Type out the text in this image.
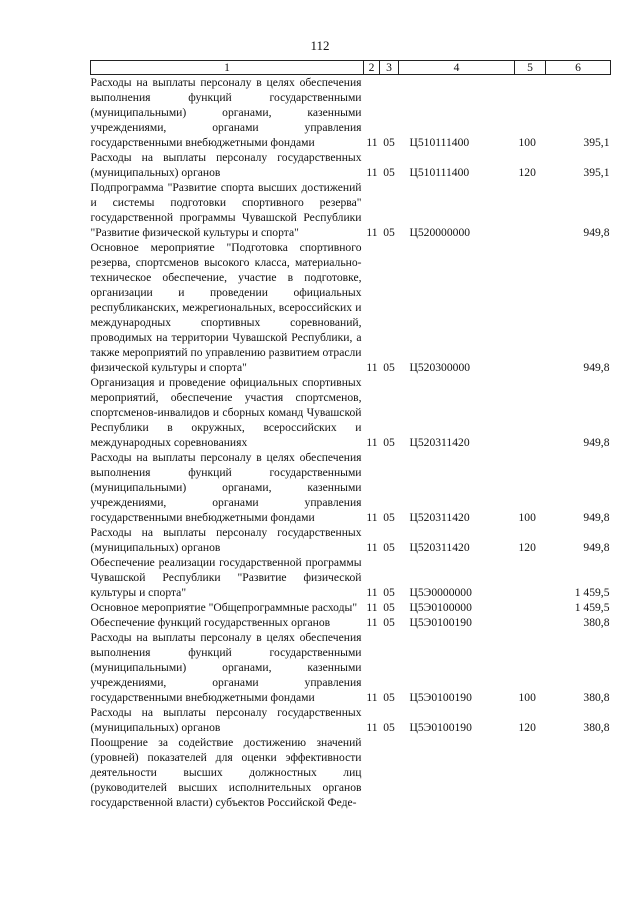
112
1	2	3	4	5	6
Расходы на выплаты персоналу в целях обеспечения выполнения функций государственными (муниципальными) органами, казенными учреждениями, органами управления государственными внебюджетными фондами	11	05	Ц510111400	100	395,1
Расходы на выплаты персоналу государственных (муниципальных) органов	11	05	Ц510111400	120	395,1
Подпрограмма "Развитие спорта высших достижений и системы подготовки спортивного резерва" государственной программы Чувашской Республики "Развитие физической культуры и спорта"	11	05	Ц520000000		949,8
Основное мероприятие "Подготовка спортивного резерва, спортсменов высокого класса, материально-техническое обеспечение, участие в подготовке, организации и проведении официальных республиканских, межрегиональных, всероссийских и международных спортивных соревнований, проводимых на территории Чувашской Республики, а также мероприятий по управлению развитием отрасли физической культуры и спорта"	11	05	Ц520300000		949,8
Организация и проведение официальных спортивных мероприятий, обеспечение участия спортсменов, спортсменов-инвалидов и сборных команд Чувашской Республики в окружных, всероссийских и международных соревнованиях	11	05	Ц520311420		949,8
Расходы на выплаты персоналу в целях обеспечения выполнения функций государственными (муниципальными) органами, казенными учреждениями, органами управления государственными внебюджетными фондами	11	05	Ц520311420	100	949,8
Расходы на выплаты персоналу государственных (муниципальных) органов	11	05	Ц520311420	120	949,8
Обеспечение реализации государственной программы Чувашской Республики "Развитие физической культуры и спорта"	11	05	Ц5Э0000000		1 459,5
Основное мероприятие "Общепрограммные расходы"	11	05	Ц5Э0100000		1 459,5
Обеспечение функций государственных органов	11	05	Ц5Э0100190		380,8
Расходы на выплаты персоналу в целях обеспечения выполнения функций государственными (муниципальными) органами, казенными учреждениями, органами управления государственными внебюджетными фондами	11	05	Ц5Э0100190	100	380,8
Расходы на выплаты персоналу государственных (муниципальных) органов	11	05	Ц5Э0100190	120	380,8
Поощрение за содействие достижению значений (уровней) показателей для оценки эффективности деятельности высших должностных лиц (руководителей высших исполнительных органов государственной власти) субъектов Российской Феде-					
